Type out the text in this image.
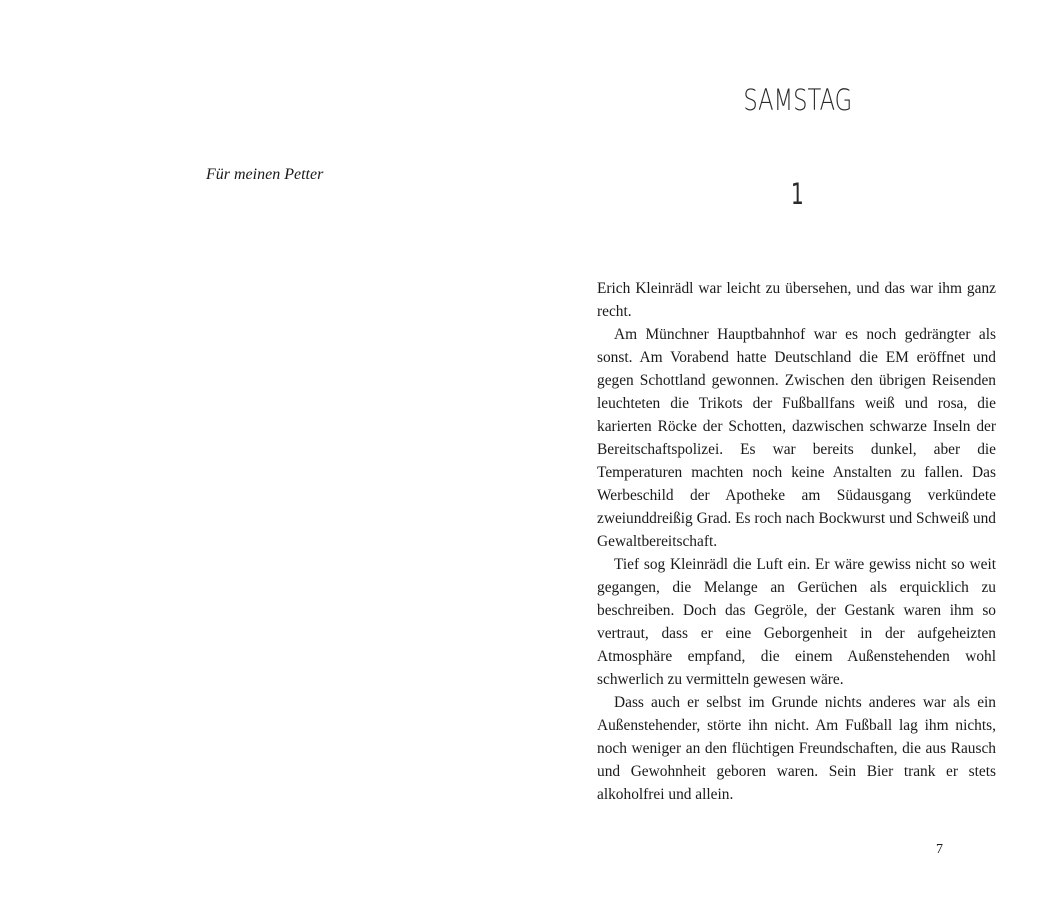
Für meinen Petter
SAMSTAG
1

Erich Kleinrädl war leicht zu übersehen, und das war ihm ganz recht.

Am Münchner Hauptbahnhof war es noch gedrängter als sonst. Am Vorabend hatte Deutschland die EM eröffnet und gegen Schottland gewonnen. Zwischen den übrigen Reisenden leuchteten die Trikots der Fußballfans weiß und rosa, die karierten Röcke der Schotten, dazwischen schwarze Inseln der Bereitschaftspolizei. Es war bereits dunkel, aber die Temperaturen machten noch keine Anstalten zu fallen. Das Werbeschild der Apotheke am Südausgang verkündete zweiunddreißig Grad. Es roch nach Bockwurst und Schweiß und Gewaltbereitschaft.

Tief sog Kleinrädl die Luft ein. Er wäre gewiss nicht so weit gegangen, die Melange an Gerüchen als erquicklich zu beschreiben. Doch das Gegröle, der Gestank waren ihm so vertraut, dass er eine Geborgenheit in der aufgeheizten Atmosphäre empfand, die einem Außenstehenden wohl schwerlich zu vermitteln gewesen wäre.

Dass auch er selbst im Grunde nichts anderes war als ein Außenstehender, störte ihn nicht. Am Fußball lag ihm nichts, noch weniger an den flüchtigen Freundschaften, die aus Rausch und Gewohnheit geboren waren. Sein Bier trank er stets alkoholfrei und allein.

7
